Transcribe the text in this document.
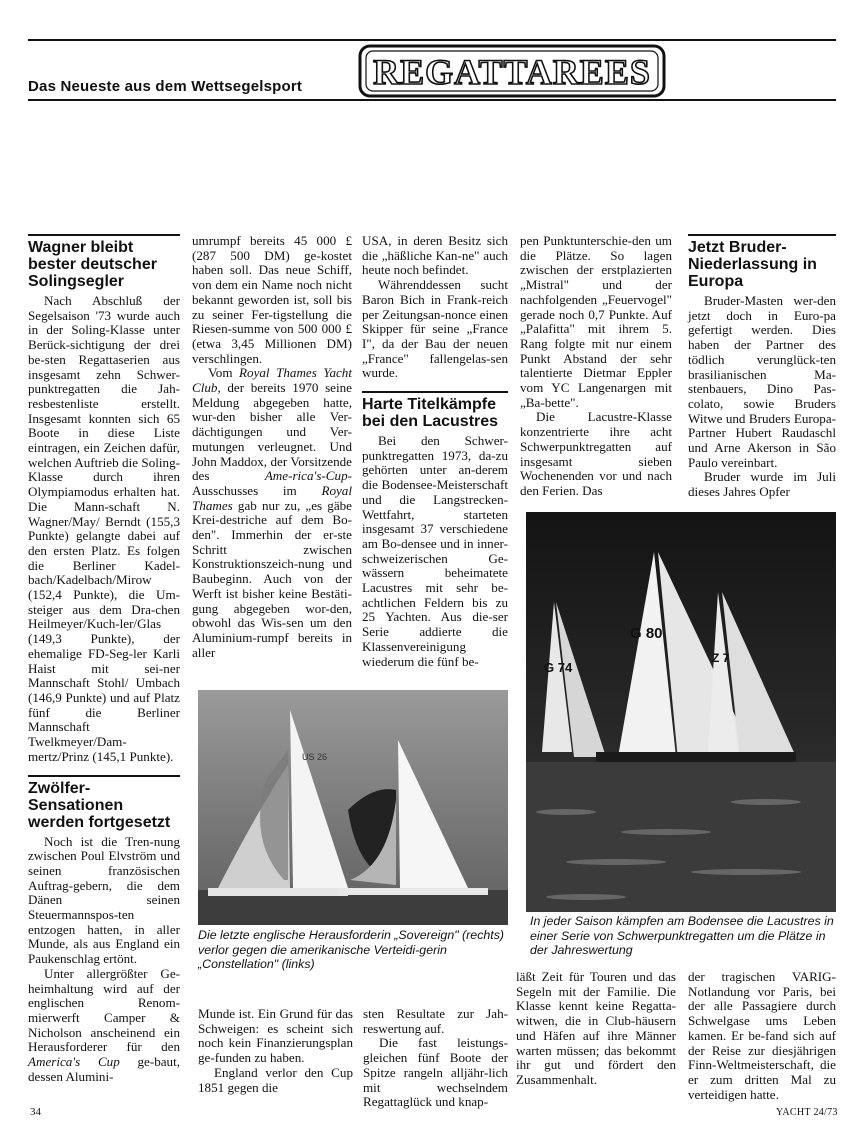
Das Neueste aus dem Wettsegelsport REGATTAREES
Wagner bleibt bester deutscher Solingsegler

Nach Abschluß der Segelsaison '73 wurde auch in der Soling-Klasse unter Berück-sichtigung der drei be-sten Regattaserien aus insgesamt zehn Schwer-punktregatten die Jah-resbestenliste erstellt. Insgesamt konnten sich 65 Boote in diese Liste eintragen, ein Zeichen dafür, welchen Auftrieb die Soling-Klasse durch ihren Olympiamodus erhalten hat. Die Mann-schaft N. Wagner/May/ Berndt (155,3 Punkte) gelangte dabei auf den ersten Platz. Es folgen die Berliner Kadel-bach/Kadelbach/Mirow (152,4 Punkte), die Um-steiger aus dem Dra-chen Heilmeyer/Kuch-ler/Glas (149,3 Punkte), der ehemalige FD-Seg-ler Karli Haist mit sei-ner Mannschaft Stohl/ Umbach (146,9 Punkte) und auf Platz fünf die Berliner Mannschaft Twelkmeyer/Dam-mertz/Prinz (145,1 Punkte).

Zwölfer-Sensationen werden fortgesetzt

Noch ist die Tren-nung zwischen Poul Elvström und seinen französischen Auftrag-gebern, die dem Dänen seinen Steuermannspos-ten entzogen hatten, in aller Munde, als aus England ein Paukenschlag ertönt.

Unter allergrößter Ge-heimhaltung wird auf der englischen Renom-mierwerft Camper & Nicholson anscheinend ein Herausforderer für den America's Cup ge-baut, dessen Alumini-

umrumpf bereits 45 000 £ (287 500 DM) ge-kostet haben soll. Das neue Schiff, von dem ein Name noch nicht bekannt geworden ist, soll bis zu seiner Fer-tigstellung die Riesen-summe von 500 000 £ (etwa 3,45 Millionen DM) verschlingen.

Vom Royal Thames Yacht Club, der bereits 1970 seine Meldung abgegeben hatte, wur-den bisher alle Ver-dächtigungen und Ver-mutungen verleugnet. Und John Maddox, der Vorsitzende des Ame-rica's-Cup-Ausschusses im Royal Thames gab nur zu, „es gäbe Krei-destriche auf dem Bo-den". Immerhin der er-ste Schritt zwischen Konstruktionszeich-nung und Baubeginn. Auch von der Werft ist bisher keine Bestäti-gung abgegeben wor-den, obwohl das Wis-sen um den Aluminium-rumpf bereits in aller

USA, in deren Besitz sich die „häßliche Kan-ne" auch heute noch befindet.

Währenddessen sucht Baron Bich in Frank-reich per Zeitungsan-nonce einen Skipper für seine „France I", da der Bau der neuen „France" fallengelas-sen wurde.

Harte Titelkämpfe bei den Lacustres

Bei den Schwer-punktregatten 1973, da-zu gehörten unter an-derem die Bodensee-Meisterschaft und die Langstrecken-Wettfahrt, starteten insgesamt 37 verschiedene am Bo-densee und in inner-schweizerischen Ge-wässern beheimatete Lacustres mit sehr be-achtlichen Feldern bis zu 25 Yachten. Aus die-ser Serie addierte die Klassenvereinigung wiederum die fünf be-

pen Punktunterschie-den um die Plätze. So lagen zwischen der erstplazierten „Mistral" und der nachfolgenden „Feuervogel" gerade noch 0,7 Punkte. Auf „Palafitta" mit ihrem 5. Rang folgte mit nur einem Punkt Abstand der sehr talentierte Dietmar Eppler vom YC Langenargen mit „Ba-bette".

Die Lacustre-Klasse konzentrierte ihre acht Schwerpunktregatten auf insgesamt sieben Wochenenden vor und nach den Ferien. Das

Jetzt Bruder-Niederlassung in Europa

Bruder-Masten wer-den jetzt doch in Euro-pa gefertigt werden. Dies haben der Partner des tödlich verunglück-ten brasilianischen Ma-stenbauers, Dino Pas-colato, sowie Bruders Witwe und Bruders Europa-Partner Hubert Raudaschl und Arne Akerson in São Paulo vereinbart.

Bruder wurde im Juli dieses Jahres Opfer

US 26
Die letzte englische Herausforderin „Sovereign" (rechts) verlor gegen die amerikanische Verteidi-gerin „Constellation" (links)
G 74
G 80
Z 7
In jeder Saison kämpfen am Bodensee die Lacustres in einer Serie von Schwerpunktregatten um die Plätze in der Jahreswertung

Munde ist. Ein Grund für das Schweigen: es scheint sich noch kein Finanzierungsplan ge-funden zu haben.

England verlor den Cup 1851 gegen die

sten Resultate zur Jah-reswertung auf.

Die fast leistungs-gleichen fünf Boote der Spitze rangeln alljähr-lich mit wechselndem Regattaglück und knap-

läßt Zeit für Touren und das Segeln mit der Familie. Die Klasse kennt keine Regatta-witwen, die in Club-häusern und Häfen auf ihre Männer warten müssen; das bekommt ihr gut und fördert den Zusammenhalt.

der tragischen VARIG-Notlandung vor Paris, bei der alle Passagiere durch Schwelgase ums Leben kamen. Er be-fand sich auf der Reise zur diesjährigen Finn-Weltmeisterschaft, die er zum dritten Mal zu verteidigen hatte.

34	YACHT 24/73
